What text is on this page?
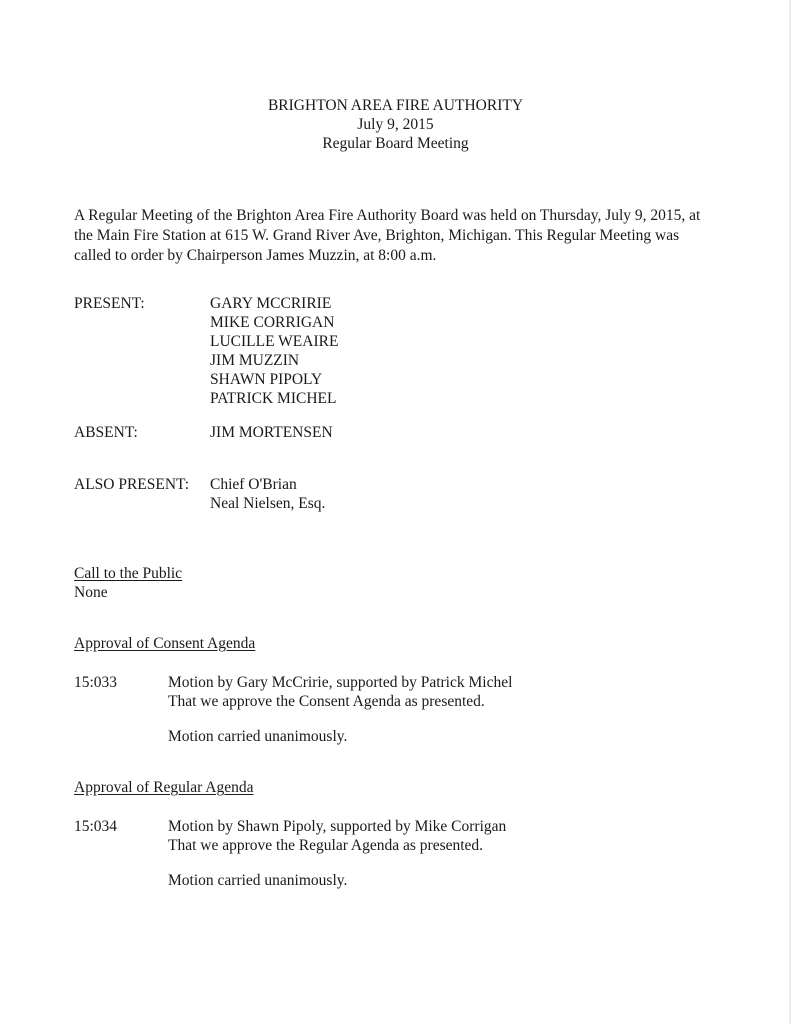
BRIGHTON AREA FIRE AUTHORITY
July 9, 2015
Regular Board Meeting
A Regular Meeting of the Brighton Area Fire Authority Board was held on Thursday, July 9, 2015, at
the Main Fire Station at 615 W. Grand River Ave, Brighton, Michigan. This Regular Meeting was
called to order by Chairperson James Muzzin, at 8:00 a.m.
PRESENT:	GARY MCCRIRIE
MIKE CORRIGAN
LUCILLE WEAIRE
JIM MUZZIN
SHAWN PIPOLY
PATRICK MICHEL
ABSENT:	JIM MORTENSEN
ALSO PRESENT: Chief O'Brian
Neal Nielsen, Esq.
Call to the Public
None
Approval of Consent Agenda
15:033	Motion by Gary McCririe, supported by Patrick Michel
That we approve the Consent Agenda as presented.
Motion carried unanimously.
Approval of Regular Agenda
15:034	Motion by Shawn Pipoly, supported by Mike Corrigan
That we approve the Regular Agenda as presented.
Motion carried unanimously.
